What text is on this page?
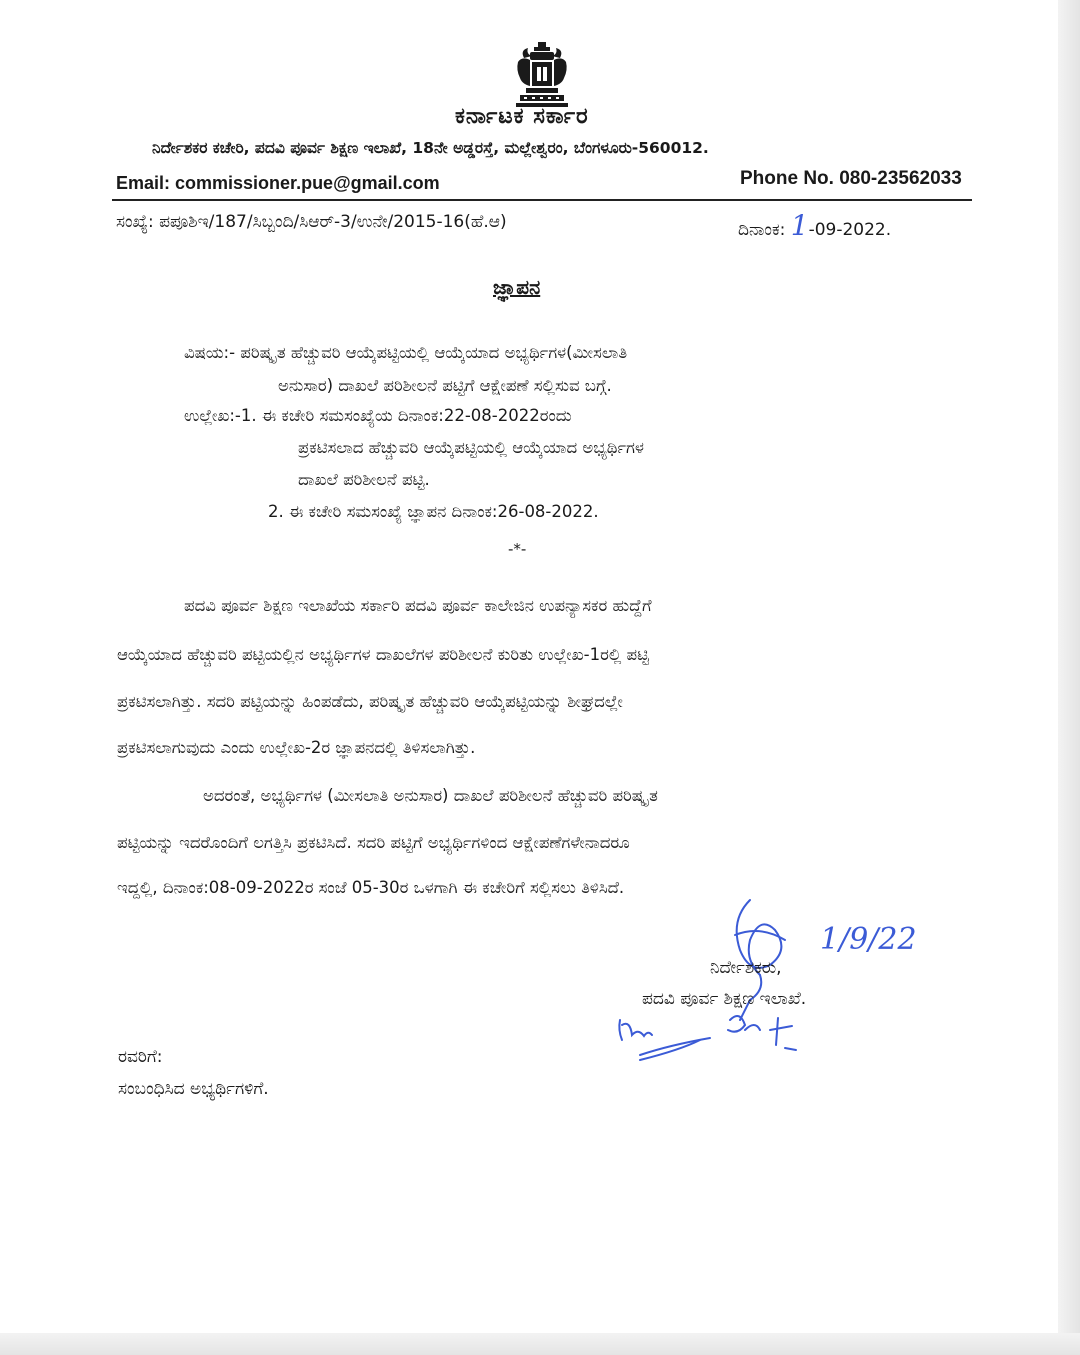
ಕರ್ನಾಟಕ ಸರ್ಕಾರ
ನಿರ್ದೇಶಕರ ಕಚೇರಿ, ಪದವಿ ಪೂರ್ವ ಶಿಕ್ಷಣ ಇಲಾಖೆ, 18ನೇ ಅಡ್ಡರಸ್ತೆ, ಮಲ್ಲೇಶ್ವರಂ, ಬೆಂಗಳೂರು-560012.
Email: commissioner.pue@gmail.com	Phone No. 080-23562033
ಸಂಖ್ಯೆ: ಪಪೂಶಿಇ/187/ಸಿಬ್ಬಂದಿ/ಸಿಆರ್-3/ಉನೇ/2015-16(ಹೆ.ಆ)	ದಿನಾಂಕ: 1-09-2022.
ಜ್ಞಾಪನ
ವಿಷಯ:- ಪರಿಷ್ಕೃತ ಹೆಚ್ಚುವರಿ ಆಯ್ಕೆಪಟ್ಟಿಯಲ್ಲಿ ಆಯ್ಕೆಯಾದ ಅಭ್ಯರ್ಥಿಗಳ(ಮೀಸಲಾತಿ
ಅನುಸಾರ) ದಾಖಲೆ ಪರಿಶೀಲನೆ ಪಟ್ಟಿಗೆ ಆಕ್ಷೇಪಣೆ ಸಲ್ಲಿಸುವ ಬಗ್ಗೆ.
ಉಲ್ಲೇಖ:-1. ಈ ಕಚೇರಿ ಸಮಸಂಖ್ಯೆಯ ದಿನಾಂಕ:22-08-2022ರಂದು
ಪ್ರಕಟಿಸಲಾದ ಹೆಚ್ಚುವರಿ ಆಯ್ಕೆಪಟ್ಟಿಯಲ್ಲಿ ಆಯ್ಕೆಯಾದ ಅಭ್ಯರ್ಥಿಗಳ
ದಾಖಲೆ ಪರಿಶೀಲನೆ ಪಟ್ಟಿ.
2. ಈ ಕಚೇರಿ ಸಮಸಂಖ್ಯೆ ಜ್ಞಾಪನ ದಿನಾಂಕ:26-08-2022.
-*-
ಪದವಿ ಪೂರ್ವ ಶಿಕ್ಷಣ ಇಲಾಖೆಯ ಸರ್ಕಾರಿ ಪದವಿ ಪೂರ್ವ ಕಾಲೇಜಿನ ಉಪನ್ಯಾಸಕರ ಹುದ್ದೆಗೆ
ಆಯ್ಕೆಯಾದ ಹೆಚ್ಚುವರಿ ಪಟ್ಟಿಯಲ್ಲಿನ ಅಭ್ಯರ್ಥಿಗಳ ದಾಖಲೆಗಳ ಪರಿಶೀಲನೆ ಕುರಿತು ಉಲ್ಲೇಖ-1ರಲ್ಲಿ ಪಟ್ಟಿ
ಪ್ರಕಟಿಸಲಾಗಿತ್ತು. ಸದರಿ ಪಟ್ಟಿಯನ್ನು ಹಿಂಪಡೆದು, ಪರಿಷ್ಕೃತ ಹೆಚ್ಚುವರಿ ಆಯ್ಕೆಪಟ್ಟಿಯನ್ನು ಶೀಘ್ರದಲ್ಲೇ
ಪ್ರಕಟಿಸಲಾಗುವುದು ಎಂದು ಉಲ್ಲೇಖ-2ರ ಜ್ಞಾಪನದಲ್ಲಿ ತಿಳಿಸಲಾಗಿತ್ತು.
ಅದರಂತೆ, ಅಭ್ಯರ್ಥಿಗಳ (ಮೀಸಲಾತಿ ಅನುಸಾರ) ದಾಖಲೆ ಪರಿಶೀಲನೆ ಹೆಚ್ಚುವರಿ ಪರಿಷ್ಕೃತ
ಪಟ್ಟಿಯನ್ನು ಇದರೊಂದಿಗೆ ಲಗತ್ತಿಸಿ ಪ್ರಕಟಿಸಿದೆ. ಸದರಿ ಪಟ್ಟಿಗೆ ಅಭ್ಯರ್ಥಿಗಳಿಂದ ಆಕ್ಷೇಪಣೆಗಳೇನಾದರೂ
ಇದ್ದಲ್ಲಿ, ದಿನಾಂಕ:08-09-2022ರ ಸಂಜೆ 05-30ರ ಒಳಗಾಗಿ ಈ ಕಚೇರಿಗೆ ಸಲ್ಲಿಸಲು ತಿಳಿಸಿದೆ.
1/9/22
ನಿರ್ದೇಶಕರು,
ಪದವಿ ಪೂರ್ವ ಶಿಕ್ಷಣ ಇಲಾಖೆ.
ರವರಿಗೆ:
ಸಂಬಂಧಿಸಿದ ಅಭ್ಯರ್ಥಿಗಳಿಗೆ.
